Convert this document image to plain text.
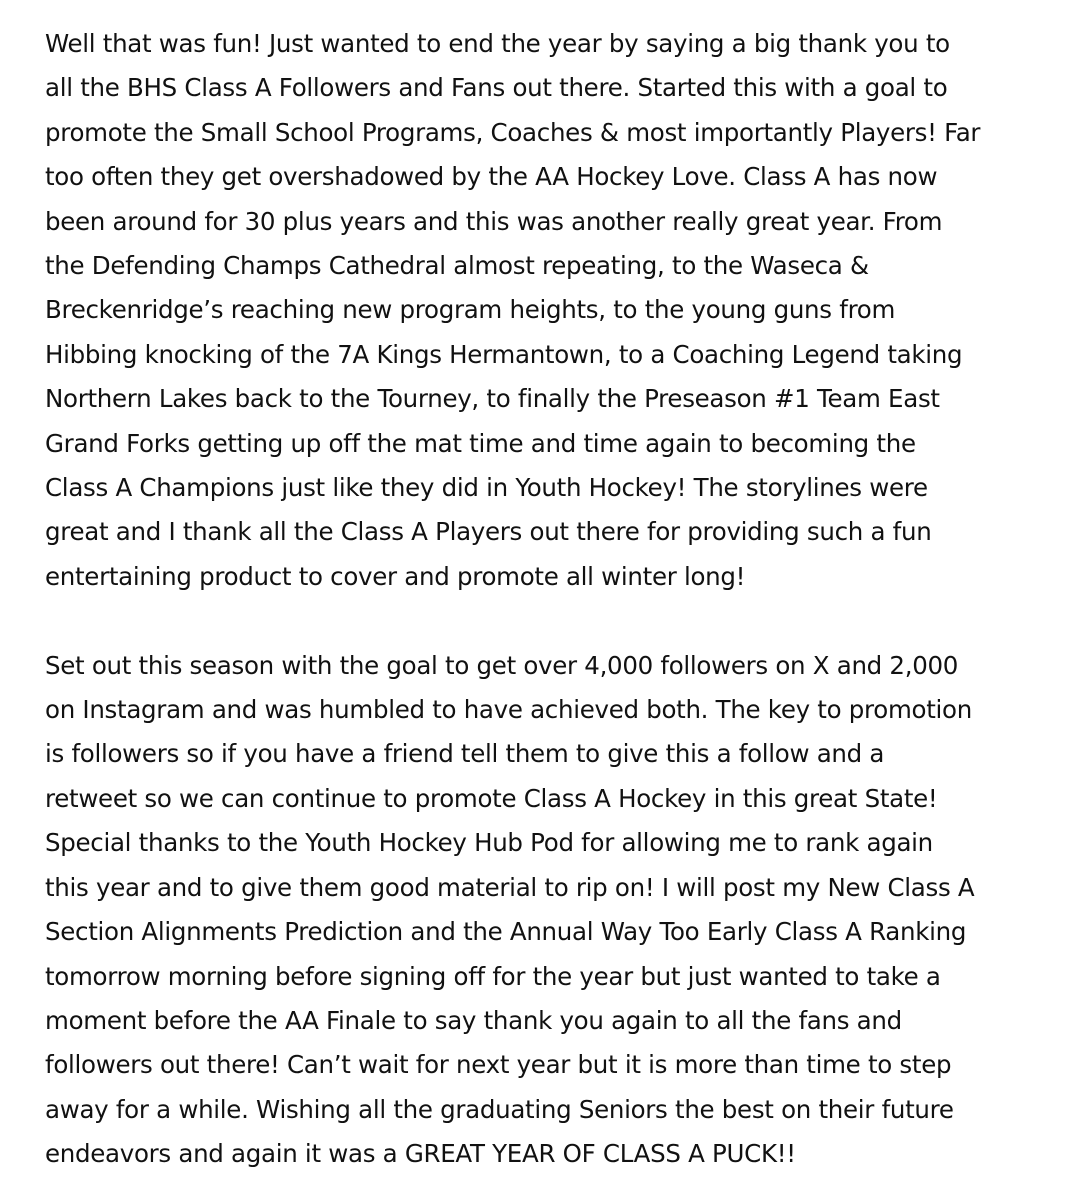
Well that was fun! Just wanted to end the year by saying a big thank you to
all the BHS Class A Followers and Fans out there. Started this with a goal to
promote the Small School Programs, Coaches & most importantly Players! Far
too often they get overshadowed by the AA Hockey Love. Class A has now
been around for 30 plus years and this was another really great year. From
the Defending Champs Cathedral almost repeating, to the Waseca &
Breckenridge’s reaching new program heights, to the young guns from
Hibbing knocking of the 7A Kings Hermantown, to a Coaching Legend taking
Northern Lakes back to the Tourney, to finally the Preseason #1 Team East
Grand Forks getting up off the mat time and time again to becoming the
Class A Champions just like they did in Youth Hockey! The storylines were
great and I thank all the Class A Players out there for providing such a fun
entertaining product to cover and promote all winter long!
Set out this season with the goal to get over 4,000 followers on X and 2,000
on Instagram and was humbled to have achieved both. The key to promotion
is followers so if you have a friend tell them to give this a follow and a
retweet so we can continue to promote Class A Hockey in this great State!
Special thanks to the Youth Hockey Hub Pod for allowing me to rank again
this year and to give them good material to rip on! I will post my New Class A
Section Alignments Prediction and the Annual Way Too Early Class A Ranking
tomorrow morning before signing off for the year but just wanted to take a
moment before the AA Finale to say thank you again to all the fans and
followers out there! Can’t wait for next year but it is more than time to step
away for a while. Wishing all the graduating Seniors the best on their future
endeavors and again it was a GREAT YEAR OF CLASS A PUCK!!
